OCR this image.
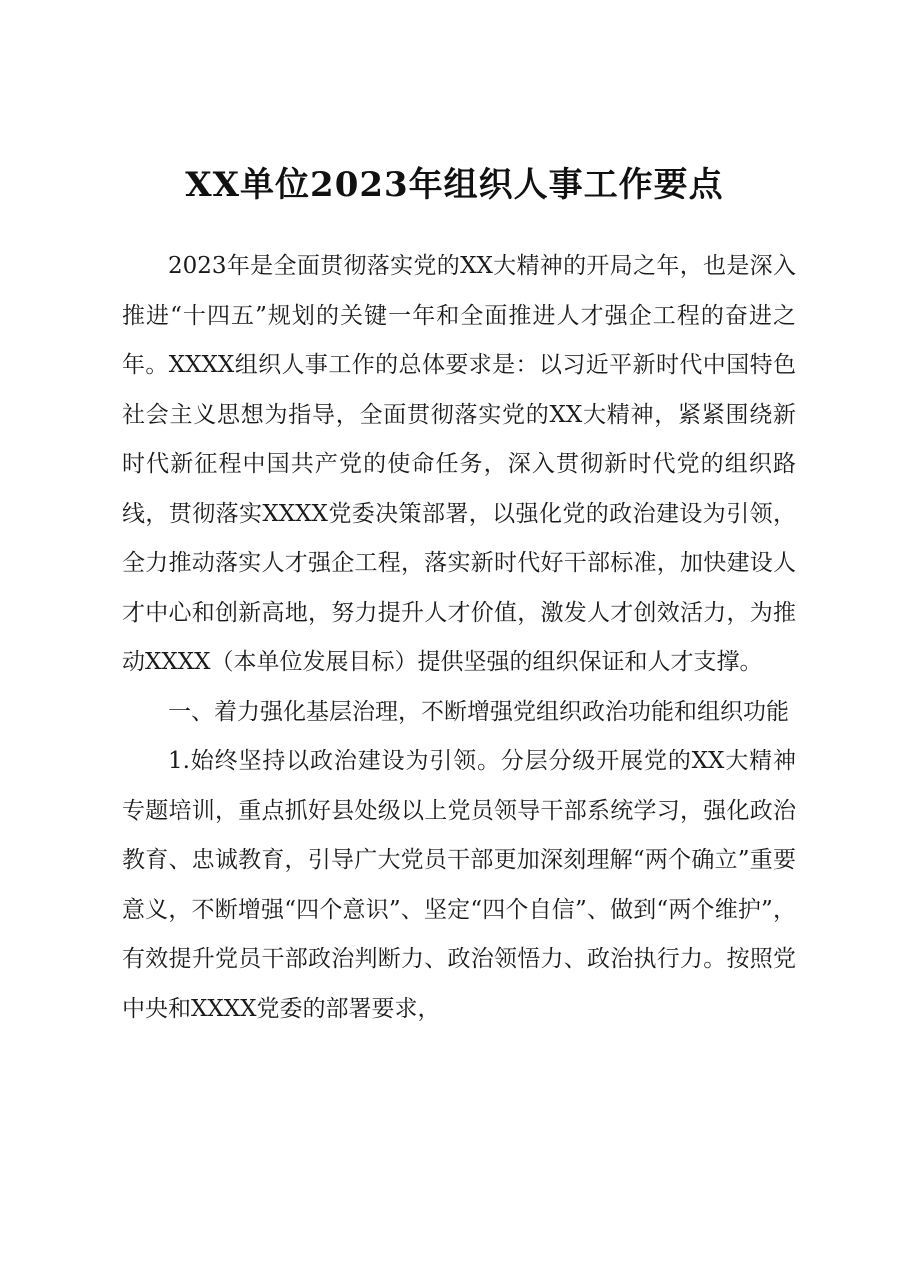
XX单位2023年组织人事工作要点

2023年是全面贯彻落实党的XX大精神的开局之年，也是深入推进“十四五”规划的关键一年和全面推进人才强企工程的奋进之年。XXXX组织人事工作的总体要求是：以习近平新时代中国特色社会主义思想为指导，全面贯彻落实党的XX大精神，紧紧围绕新时代新征程中国共产党的使命任务，深入贯彻新时代党的组织路线，贯彻落实XXXX党委决策部署，以强化党的政治建设为引领，全力推动落实人才强企工程，落实新时代好干部标准，加快建设人才中心和创新高地，努力提升人才价值，激发人才创效活力，为推动XXXX（本单位发展目标）提供坚强的组织保证和人才支撑。

一、着力强化基层治理，不断增强党组织政治功能和组织功能

1.始终坚持以政治建设为引领。分层分级开展党的XX大精神专题培训，重点抓好县处级以上党员领导干部系统学习，强化政治教育、忠诚教育，引导广大党员干部更加深刻理解“两个确立”重要意义，不断增强“四个意识”、坚定“四个自信”、做到“两个维护”，有效提升党员干部政治判断力、政治领悟力、政治执行力。按照党中央和XXXX党委的部署要求，
